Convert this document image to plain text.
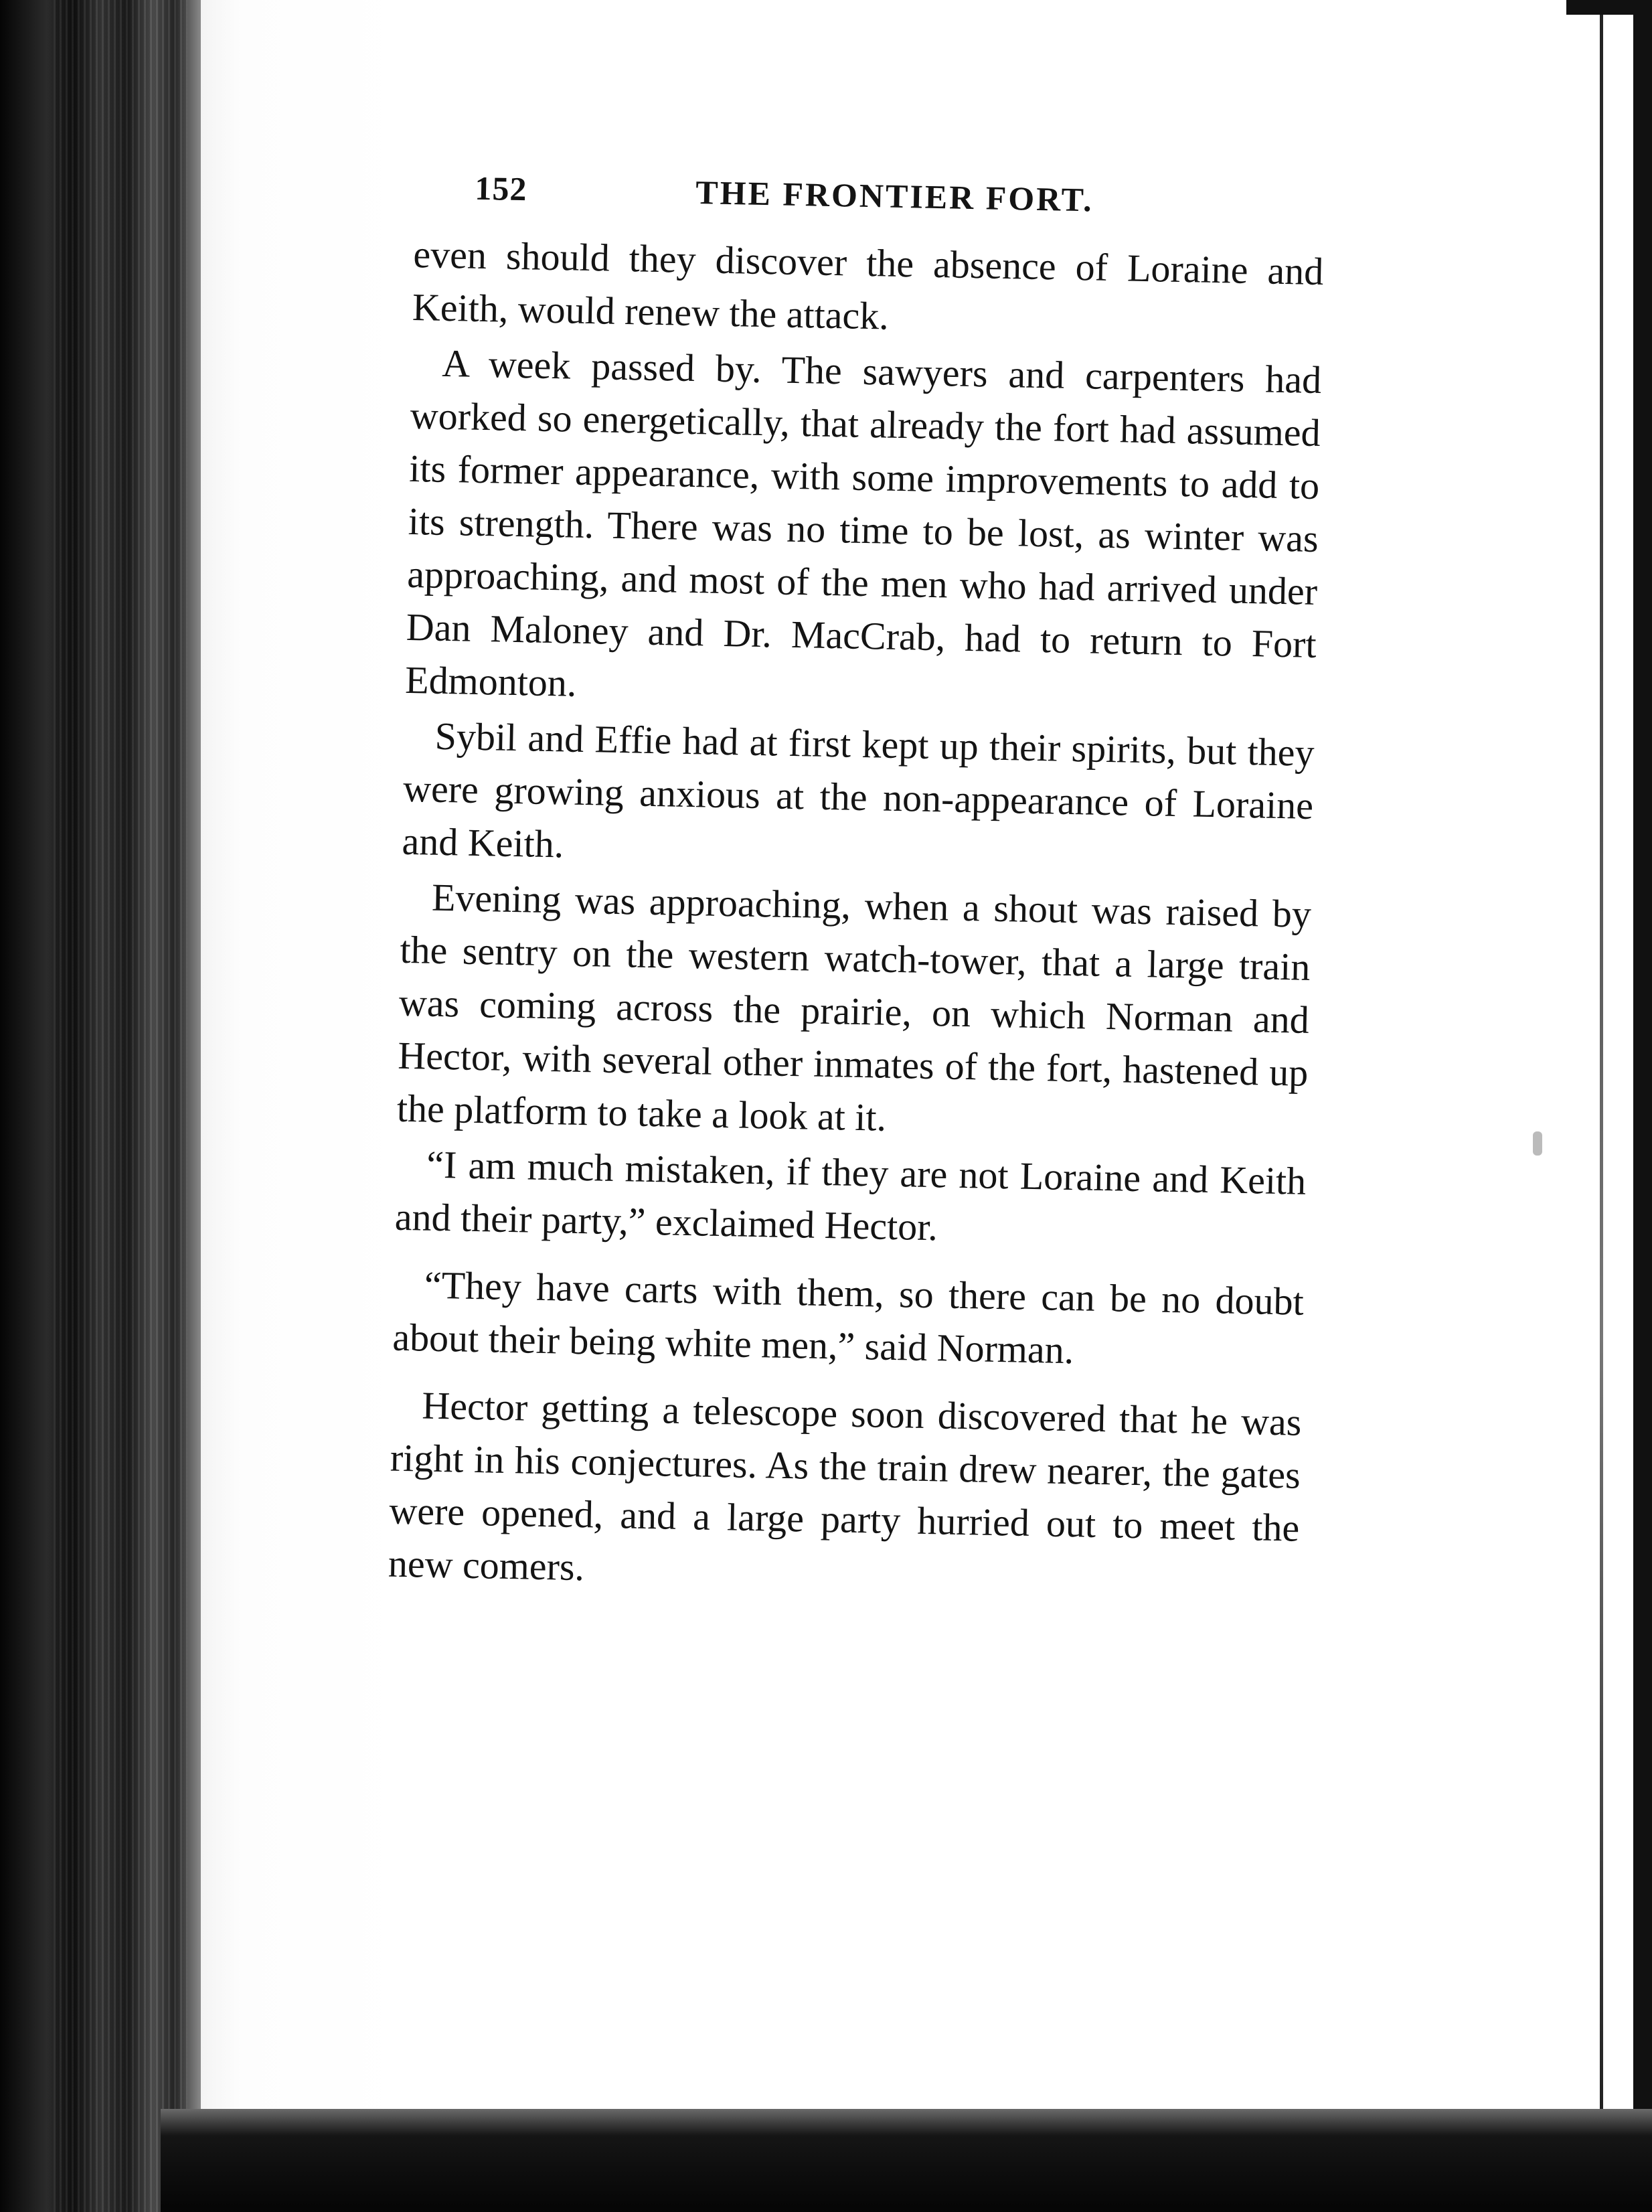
152	THE FRONTIER FORT.

even should they discover the absence of Loraine and Keith, would renew the attack.

A week passed by. The sawyers and carpenters had worked so energetically, that already the fort had assumed its former appearance, with some improvements to add to its strength. There was no time to be lost, as winter was approaching, and most of the men who had arrived under Dan Maloney and Dr. MacCrab, had to return to Fort Edmonton.

Sybil and Effie had at first kept up their spirits, but they were growing anxious at the non-appearance of Loraine and Keith.

Evening was approaching, when a shout was raised by the sentry on the western watch-tower, that a large train was coming across the prairie, on which Norman and Hector, with several other inmates of the fort, hastened up the platform to take a look at it.

“I am much mistaken, if they are not Loraine and Keith and their party,” exclaimed Hector.

“They have carts with them, so there can be no doubt about their being white men,” said Norman.

Hector getting a telescope soon discovered that he was right in his conjectures. As the train drew nearer, the gates were opened, and a large party hurried out to meet the new comers.
